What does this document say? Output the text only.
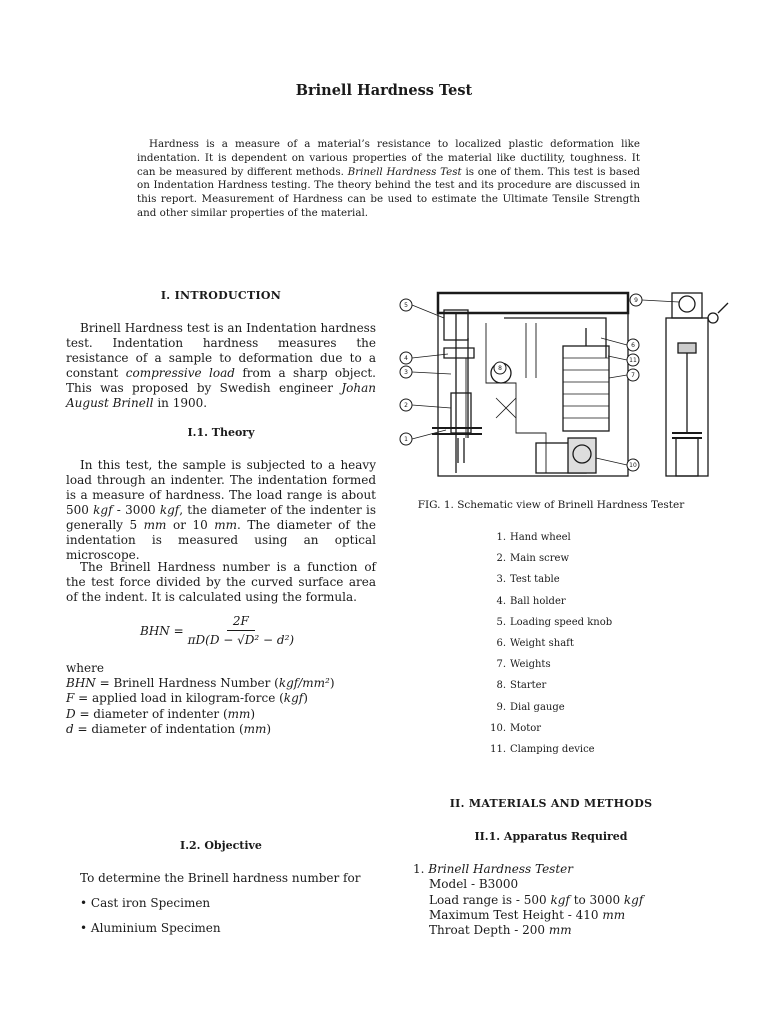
Brinell Hardness Test

Hardness is a measure of a material’s resistance to localized plastic deformation like indentation. It is dependent on various properties of the material like ductility, toughness. It can be measured by different methods. Brinell Hardness Test is one of them. This test is based on Indentation Hardness testing. The theory behind the test and its procedure are discussed in this report. Measurement of Hardness can be used to estimate the Ultimate Tensile Strength and other similar properties of the material.

I. INTRODUCTION

Brinell Hardness test is an Indentation hardness test. Indentation hardness measures the resistance of a sample to deformation due to a constant compressive load from a sharp object. This was proposed by Swedish engineer Johan August Brinell in 1900.

I.1. Theory

In this test, the sample is subjected to a heavy load through an indenter. The indentation formed is a measure of hardness. The load range is about 500 kgf - 3000 kgf, the diameter of the indenter is generally 5 mm or 10 mm. The diameter of the indentation is measured using an optical microscope.

The Brinell Hardness number is a function of the test force divided by the curved surface area of the indent. It is calculated using the formula.

BHN = $\frac{2F}{\text{πD(D − √D² − d²)}}$
where
BHN = Brinell Hardness Number (kgf/mm²)
F = applied load in kilogram-force (kgf)
D = diameter of indenter (mm)
d = diameter of indentation (mm)
I.2. Objective

To determine the Brinell hardness number for

• Cast iron Specimen
• Aluminium Specimen
5
4
3
8
2
1
6
11
7
10
9
FIG. 1. Schematic view of Brinell Hardness Tester
1. Hand wheel
2. Main screw
3. Test table
4. Ball holder
5. Loading speed knob
6. Weight shaft
7. Weights
8. Starter
9. Dial gauge
10. Motor
11. Clamping device
II. MATERIALS AND METHODS
II.1. Apparatus Required
1. Brinell Hardness Tester
Model - B3000
Load range is - 500 kgf to 3000 kgf
Maximum Test Height - 410 mm
Throat Depth - 200 mm
